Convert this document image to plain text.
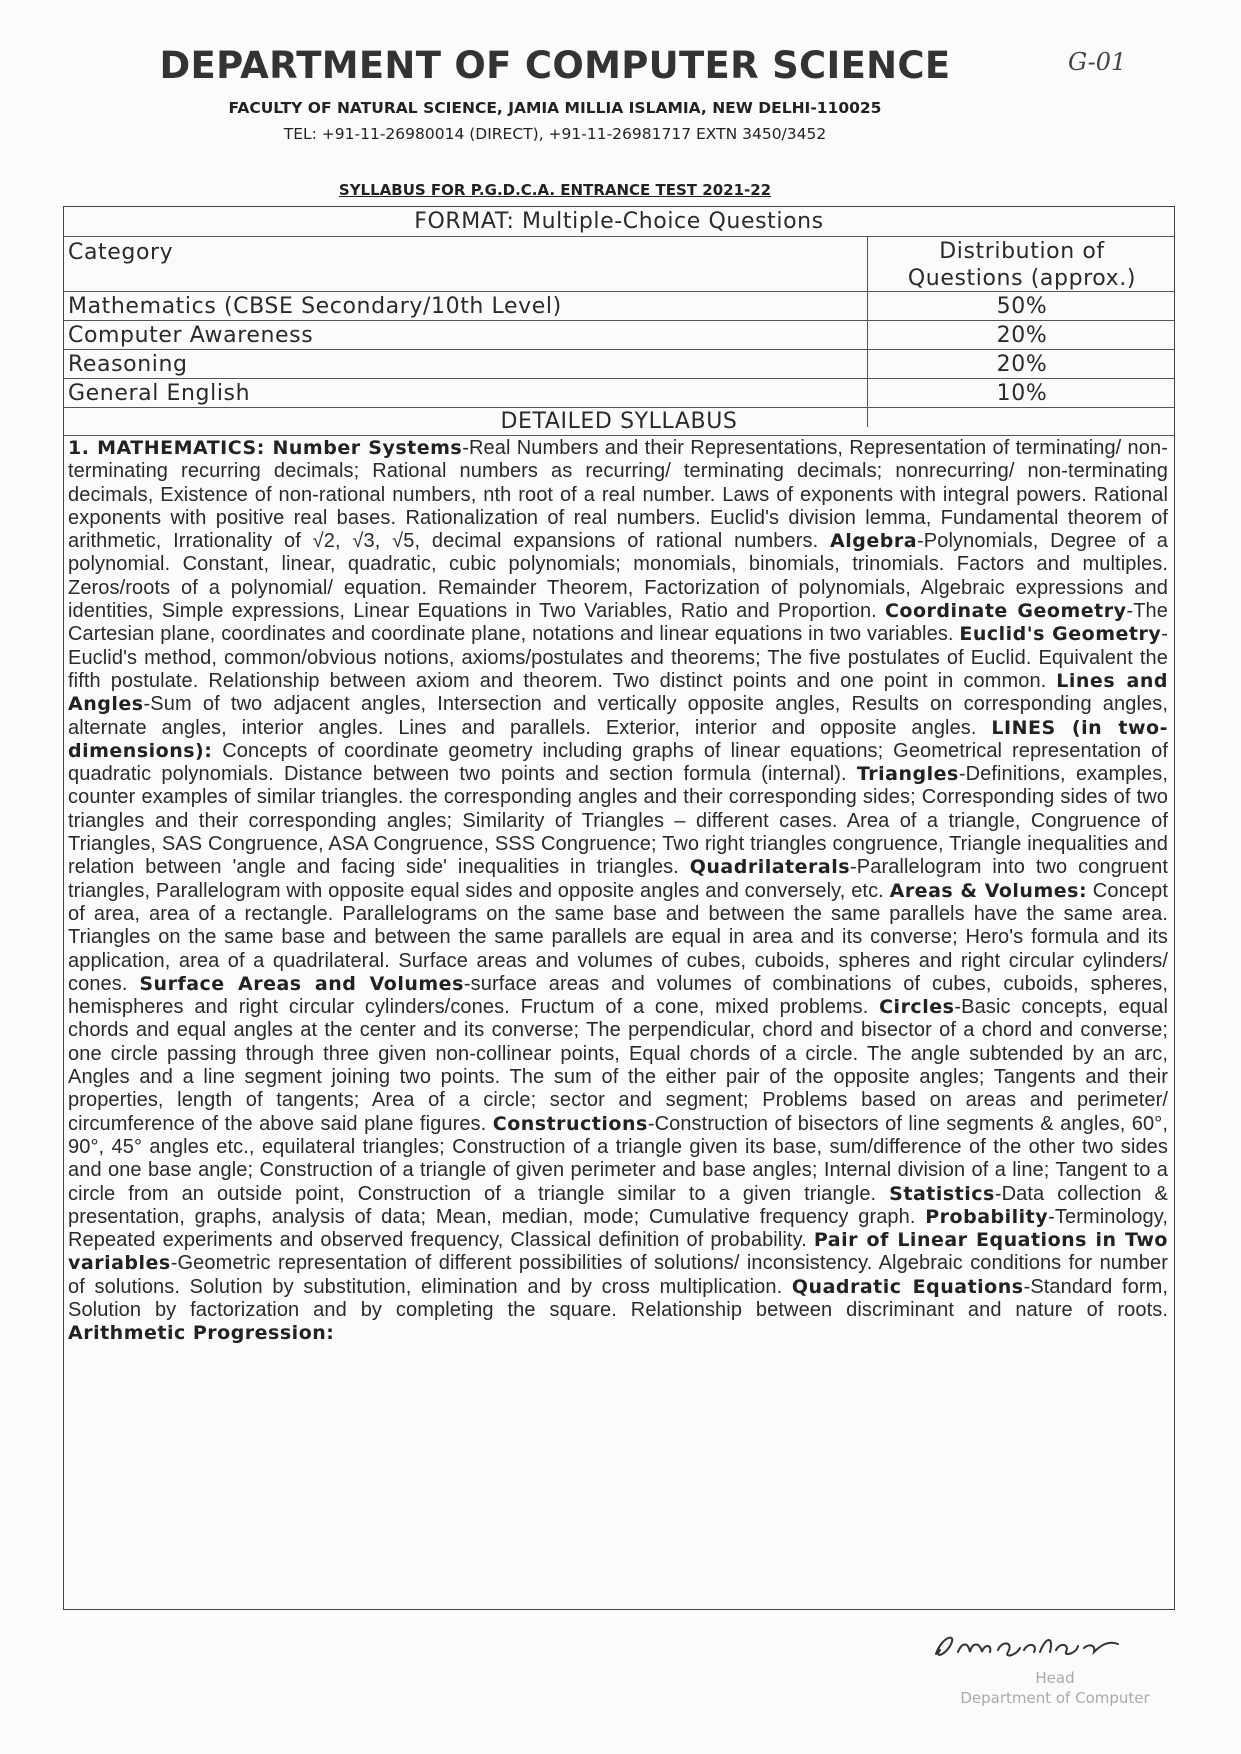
DEPARTMENT OF COMPUTER SCIENCE
FACULTY OF NATURAL SCIENCE, JAMIA MILLIA ISLAMIA, NEW DELHI-110025
TEL: +91-11-26980014 (DIRECT), +91-11-26981717 EXTN 3450/3452
G-01
SYLLABUS FOR P.G.D.C.A. ENTRANCE TEST 2021-22
FORMAT: Multiple-Choice Questions
Category	Distribution of
Questions (approx.)
Mathematics (CBSE Secondary/10th Level)	50%
Computer Awareness	20%
Reasoning	20%
General English	10%
DETAILED SYLLABUS
1. MATHEMATICS: Number Systems-Real Numbers and their Representations, Representation of terminating/ non-terminating recurring decimals; Rational numbers as recurring/ terminating decimals; nonrecurring/ non-terminating decimals, Existence of non-rational numbers, nth root of a real number. Laws of exponents with integral powers. Rational exponents with positive real bases. Rationalization of real numbers. Euclid's division lemma, Fundamental theorem of arithmetic, Irrationality of √2, √3, √5, decimal expansions of rational numbers. Algebra-Polynomials, Degree of a polynomial. Constant, linear, quadratic, cubic polynomials; monomials, binomials, trinomials. Factors and multiples. Zeros/roots of a polynomial/ equation. Remainder Theorem, Factorization of polynomials, Algebraic expressions and identities, Simple expressions, Linear Equations in Two Variables, Ratio and Proportion. Coordinate Geometry-The Cartesian plane, coordinates and coordinate plane, notations and linear equations in two variables. Euclid's Geometry-Euclid's method, common/obvious notions, axioms/postulates and theorems; The five postulates of Euclid. Equivalent the fifth postulate. Relationship between axiom and theorem. Two distinct points and one point in common. Lines and Angles-Sum of two adjacent angles, Intersection and vertically opposite angles, Results on corresponding angles, alternate angles, interior angles. Lines and parallels. Exterior, interior and opposite angles. LINES (in two-dimensions): Concepts of coordinate geometry including graphs of linear equations; Geometrical representation of quadratic polynomials. Distance between two points and section formula (internal). Triangles-Definitions, examples, counter examples of similar triangles. the corresponding angles and their corresponding sides; Corresponding sides of two triangles and their corresponding angles; Similarity of Triangles – different cases. Area of a triangle, Congruence of Triangles, SAS Congruence, ASA Congruence, SSS Congruence; Two right triangles congruence, Triangle inequalities and relation between 'angle and facing side' inequalities in triangles. Quadrilaterals-Parallelogram into two congruent triangles, Parallelogram with opposite equal sides and opposite angles and conversely, etc. Areas & Volumes: Concept of area, area of a rectangle. Parallelograms on the same base and between the same parallels have the same area. Triangles on the same base and between the same parallels are equal in area and its converse; Hero's formula and its application, area of a quadrilateral. Surface areas and volumes of cubes, cuboids, spheres and right circular cylinders/ cones. Surface Areas and Volumes-surface areas and volumes of combinations of cubes, cuboids, spheres, hemispheres and right circular cylinders/cones. Fructum of a cone, mixed problems. Circles-Basic concepts, equal chords and equal angles at the center and its converse; The perpendicular, chord and bisector of a chord and converse; one circle passing through three given non-collinear points, Equal chords of a circle. The angle subtended by an arc, Angles and a line segment joining two points. The sum of the either pair of the opposite angles; Tangents and their properties, length of tangents; Area of a circle; sector and segment; Problems based on areas and perimeter/ circumference of the above said plane figures. Constructions-Construction of bisectors of line segments & angles, 60°, 90°, 45° angles etc., equilateral triangles; Construction of a triangle given its base, sum/difference of the other two sides and one base angle; Construction of a triangle of given perimeter and base angles; Internal division of a line; Tangent to a circle from an outside point, Construction of a triangle similar to a given triangle. Statistics-Data collection & presentation, graphs, analysis of data; Mean, median, mode; Cumulative frequency graph. Probability-Terminology, Repeated experiments and observed frequency, Classical definition of probability. Pair of Linear Equations in Two variables-Geometric representation of different possibilities of solutions/ inconsistency. Algebraic conditions for number of solutions. Solution by substitution, elimination and by cross multiplication. Quadratic Equations-Standard form, Solution by factorization and by completing the square. Relationship between discriminant and nature of roots. Arithmetic Progression:
Head
Department of Computer
